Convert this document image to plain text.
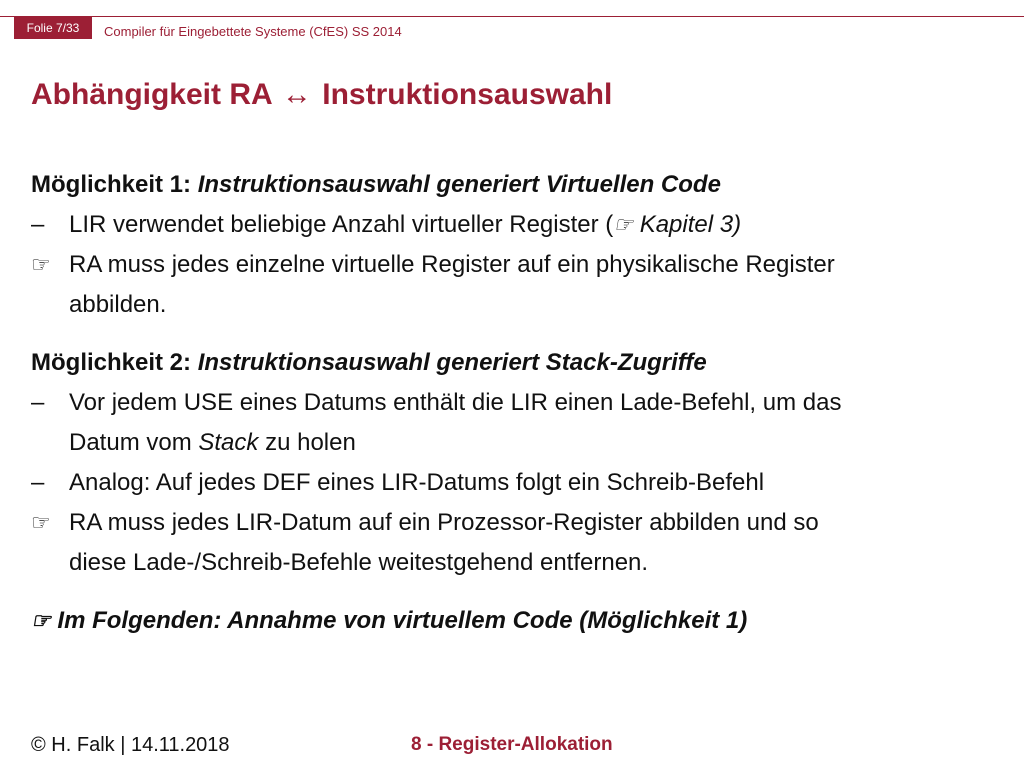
Folie 7/33	Compiler für Eingebettete Systeme (CfES) SS 2014
Abhängigkeit RA ↔ Instruktionsauswahl

Möglichkeit 1: Instruktionsauswahl generiert Virtuellen Code

–	LIR verwendet beliebige Anzahl virtueller Register (☞ Kapitel 3)

☞ RA muss jedes einzelne virtuelle Register auf ein physikalische Register
abbilden.

Möglichkeit 2: Instruktionsauswahl generiert Stack-Zugriffe

–	Vor jedem USE eines Datums enthält die LIR einen Lade-Befehl, um das
Datum vom Stack zu holen

–	Analog: Auf jedes DEF eines LIR-Datums folgt ein Schreib-Befehl

☞ RA muss jedes LIR-Datum auf ein Prozessor-Register abbilden und so
diese Lade-/Schreib-Befehle weitestgehend entfernen.

☞ Im Folgenden: Annahme von virtuellem Code (Möglichkeit 1)

© H. Falk | 14.11.2018	8 - Register-Allokation
